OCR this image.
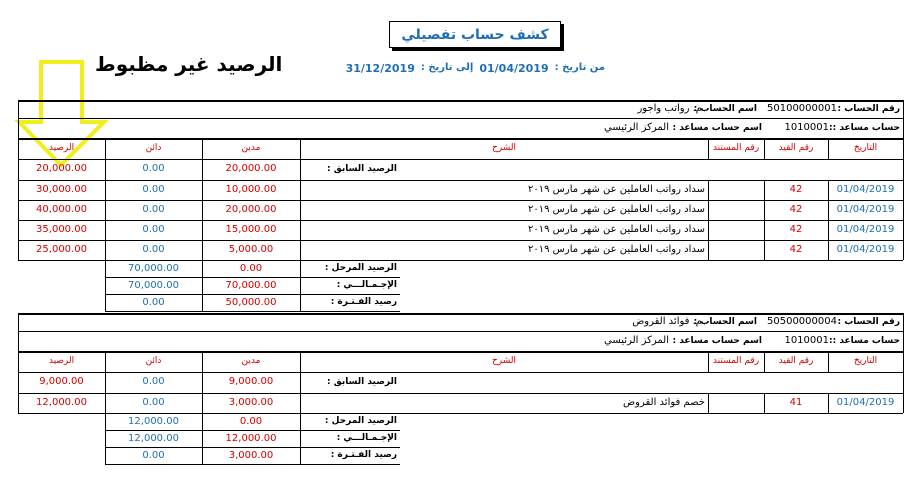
كشف حساب تفصيلي
من تاريخ :
01/04/2019
إلى تاريخ :
31/12/2019
الرصيد غير مظبوط
رقم الحساب :
50100000001
اسم الحساب :
م. رواتب واجور
حساب مساعد ::
1010001
اسم حساب مساعد :
المركز الرئيسي
التاريخ
رقم القيد
رقم المستند
الشرح
مدين
دائن
الرصيد
الرصيد السابق :
20,000.00
0.00
20,000.00
01/04/2019
42
سداد رواتب العاملين عن شهر مارس ٢٠١٩
10,000.00
0.00
30,000.00
01/04/2019
42
سداد رواتب العاملين عن شهر مارس ٢٠١٩
20,000.00
0.00
40,000.00
01/04/2019
42
سداد رواتب العاملين عن شهر مارس ٢٠١٩
15,000.00
0.00
35,000.00
01/04/2019
42
سداد رواتب العاملين عن شهر مارس ٢٠١٩
5,000.00
0.00
25,000.00
الرصيد المرحل :
0.00
70,000.00
الإجـمـالـــي :
70,000.00
70,000.00
رصيد الفـتـرة :
50,000.00
0.00
رقم الحساب :
50500000004
اسم الحساب :
م. فوائد القروض
حساب مساعد ::
1010001
اسم حساب مساعد :
المركز الرئيسي
التاريخ
رقم القيد
رقم المستند
الشرح
مدين
دائن
الرصيد
الرصيد السابق :
9,000.00
0.00
9,000.00
01/04/2019
41
خصم فوائد القروض
3,000.00
0.00
12,000.00
الرصيد المرحل :
0.00
12,000.00
الإجـمـالـــي :
12,000.00
12,000.00
رصيد الفـتـرة :
3,000.00
0.00
